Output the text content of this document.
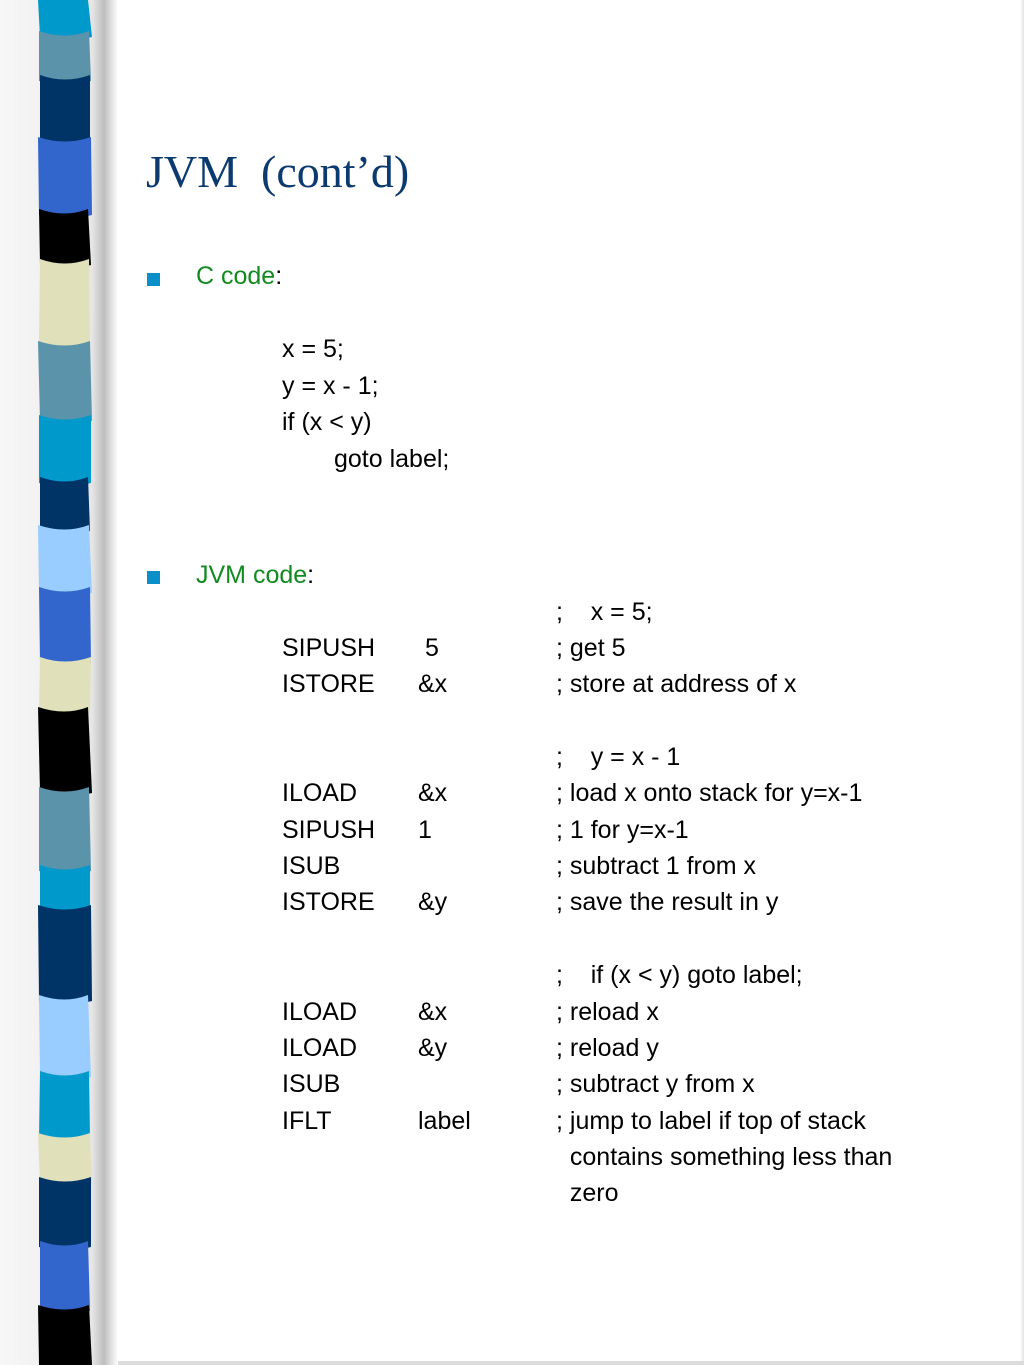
JVM  (cont’d)
C code:
x = 5;
y = x - 1;
if (x < y)
goto label;
JVM code:
;    x = 5;
SIPUSH 5	; get 5
ISTORE &x	; store at address of x
;    y = x - 1
ILOAD &x	; load x onto stack for y=x-1
SIPUSH 1	; 1 for y=x-1
ISUB	; subtract 1 from x
ISTORE &y	; save the result in y
;    if (x < y) goto label;
ILOAD &x	; reload x
ILOAD &y	; reload y
ISUB	; subtract y from x
IFLT	label	; jump to label if top of stack
contains something less than
zero
